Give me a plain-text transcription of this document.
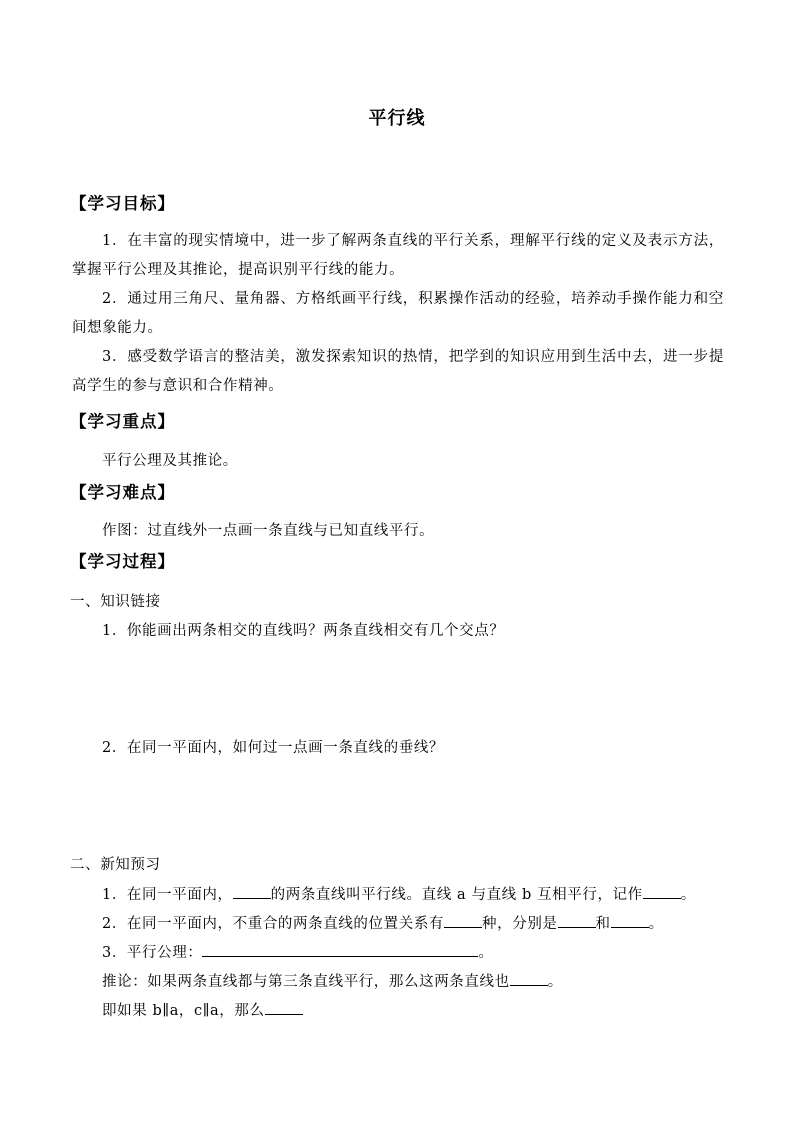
平行线
【学习目标】
1．在丰富的现实情境中，进一步了解两条直线的平行关系，理解平行线的定义及表示方法，掌握平行公理及其推论，提高识别平行线的能力。
2．通过用三角尺、量角器、方格纸画平行线，积累操作活动的经验，培养动手操作能力和空间想象能力。
3．感受数学语言的整洁美，激发探索知识的热情，把学到的知识应用到生活中去，进一步提高学生的参与意识和合作精神。
【学习重点】
平行公理及其推论。
【学习难点】
作图：过直线外一点画一条直线与已知直线平行。
【学习过程】
一、知识链接
1．你能画出两条相交的直线吗？两条直线相交有几个交点？
2．在同一平面内，如何过一点画一条直线的垂线？
二、新知预习
1．在同一平面内，	的两条直线叫平行线。直线 a 与直线 b 互相平行，记作	。
2．在同一平面内，不重合的两条直线的位置关系有	种，分别是	和	。
3．平行公理：	。
推论：如果两条直线都与第三条直线平行，那么这两条直线也	。
即如果 b∥a，c∥a，那么
